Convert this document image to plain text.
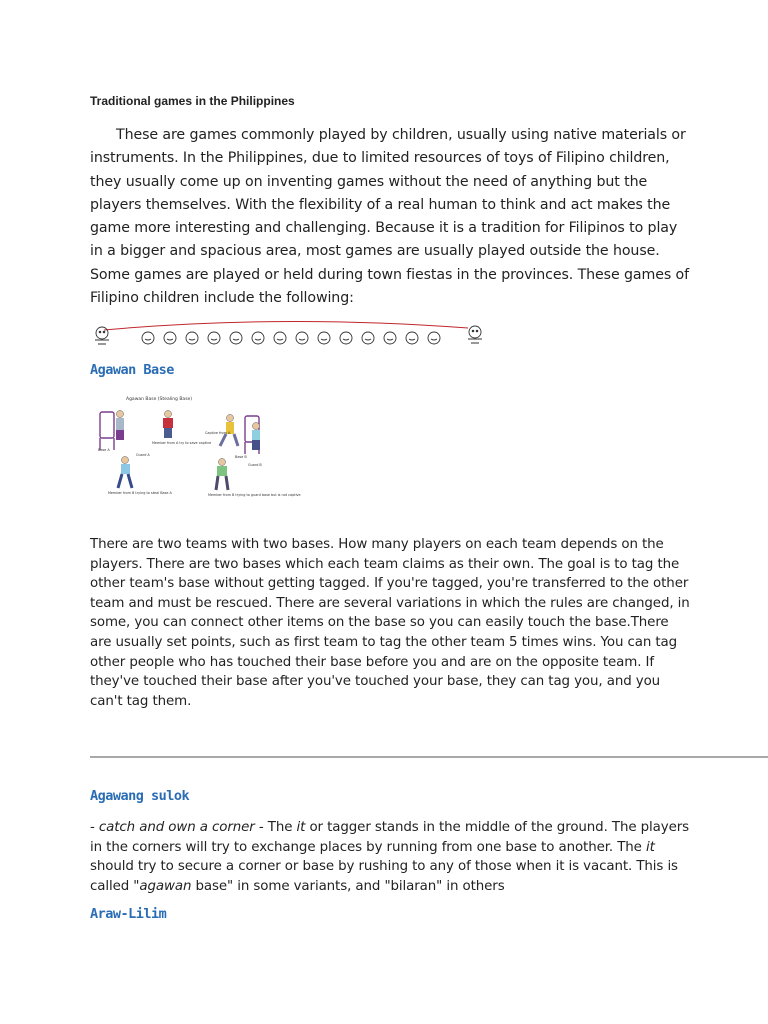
Traditional games in the Philippines
These are games commonly played by children, usually using native materials or instruments. In the Philippines, due to limited resources of toys of Filipino children, they usually come up on inventing games without the need of anything but the players themselves. With the flexibility of a real human to think and act makes the game more interesting and challenging. Because it is a tradition for Filipinos to play in a bigger and spacious area, most games are usually played outside the house. Some games are played or held during town fiestas in the provinces. These games of Filipino children include the following:
Agawan Base
Agawan Base (Stealing Base)
Base A
Guard A
Member from A try to save captive
Captive from A
Base B
Guard B
Member from B trying to steal Base A	Member from B trying to guard base but is not captive
There are two teams with two bases. How many players on each team depends on the players. There are two bases which each team claims as their own. The goal is to tag the other team's base without getting tagged. If you're tagged, you're transferred to the other team and must be rescued. There are several variations in which the rules are changed, in some, you can connect other items on the base so you can easily touch the base.There are usually set points, such as first team to tag the other team 5 times wins. You can tag other people who has touched their base before you and are on the opposite team. If they've touched their base after you've touched your base, they can tag you, and you can't tag them.
Agawang sulok
- catch and own a corner - The it or tagger stands in the middle of the ground. The players in the corners will try to exchange places by running from one base to another. The it should try to secure a corner or base by rushing to any of those when it is vacant. This is called "agawan base" in some variants, and "bilaran" in others
Araw-Lilim
